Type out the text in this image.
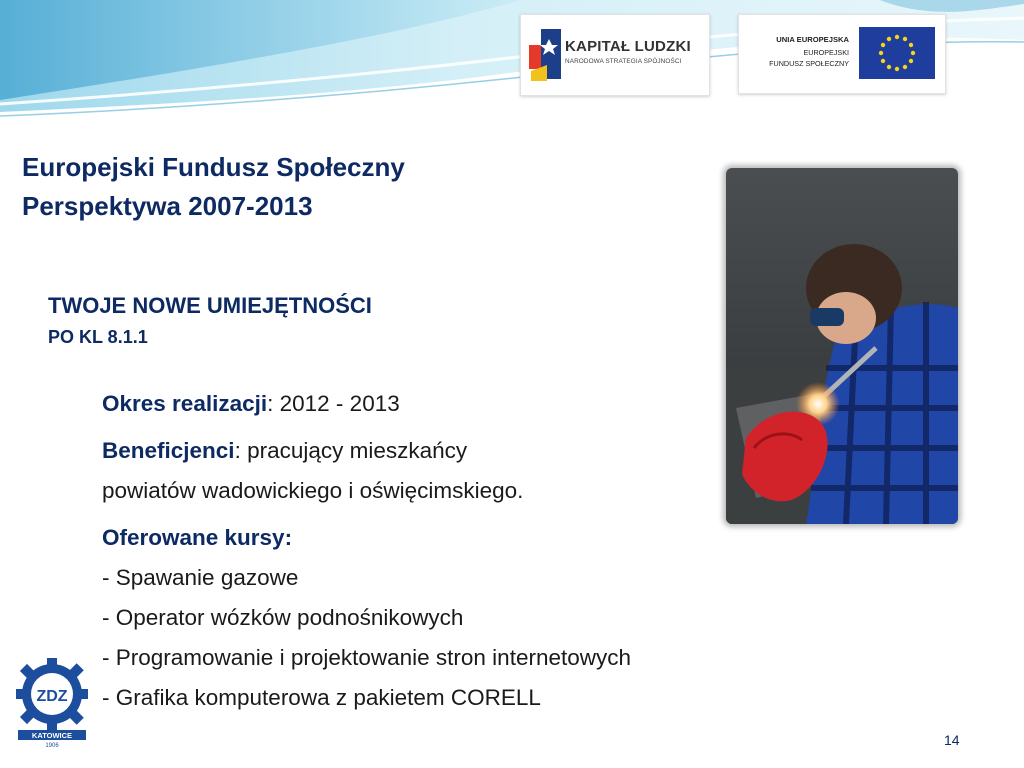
KAPITAŁ LUDZKI
NARODOWA STRATEGIA SPÓJNOŚCI
UNIA EUROPEJSKA
EUROPEJSKI
FUNDUSZ SPOŁECZNY
Europejski Fundusz Społeczny
Perspektywa 2007-2013
TWOJE NOWE UMIEJĘTNOŚCI
PO KL 8.1.1

Okres realizacji: 2012 - 2013

Beneficjenci: pracujący mieszkańcy
powiatów wadowickiego i oświęcimskiego.

Oferowane kursy:
- Spawanie gazowe
- Operator wózków podnośnikowych
- Programowanie i projektowanie stron internetowych
- Grafika komputerowa z pakietem CORELL

ZDZ
KATOWICE
1906	14
